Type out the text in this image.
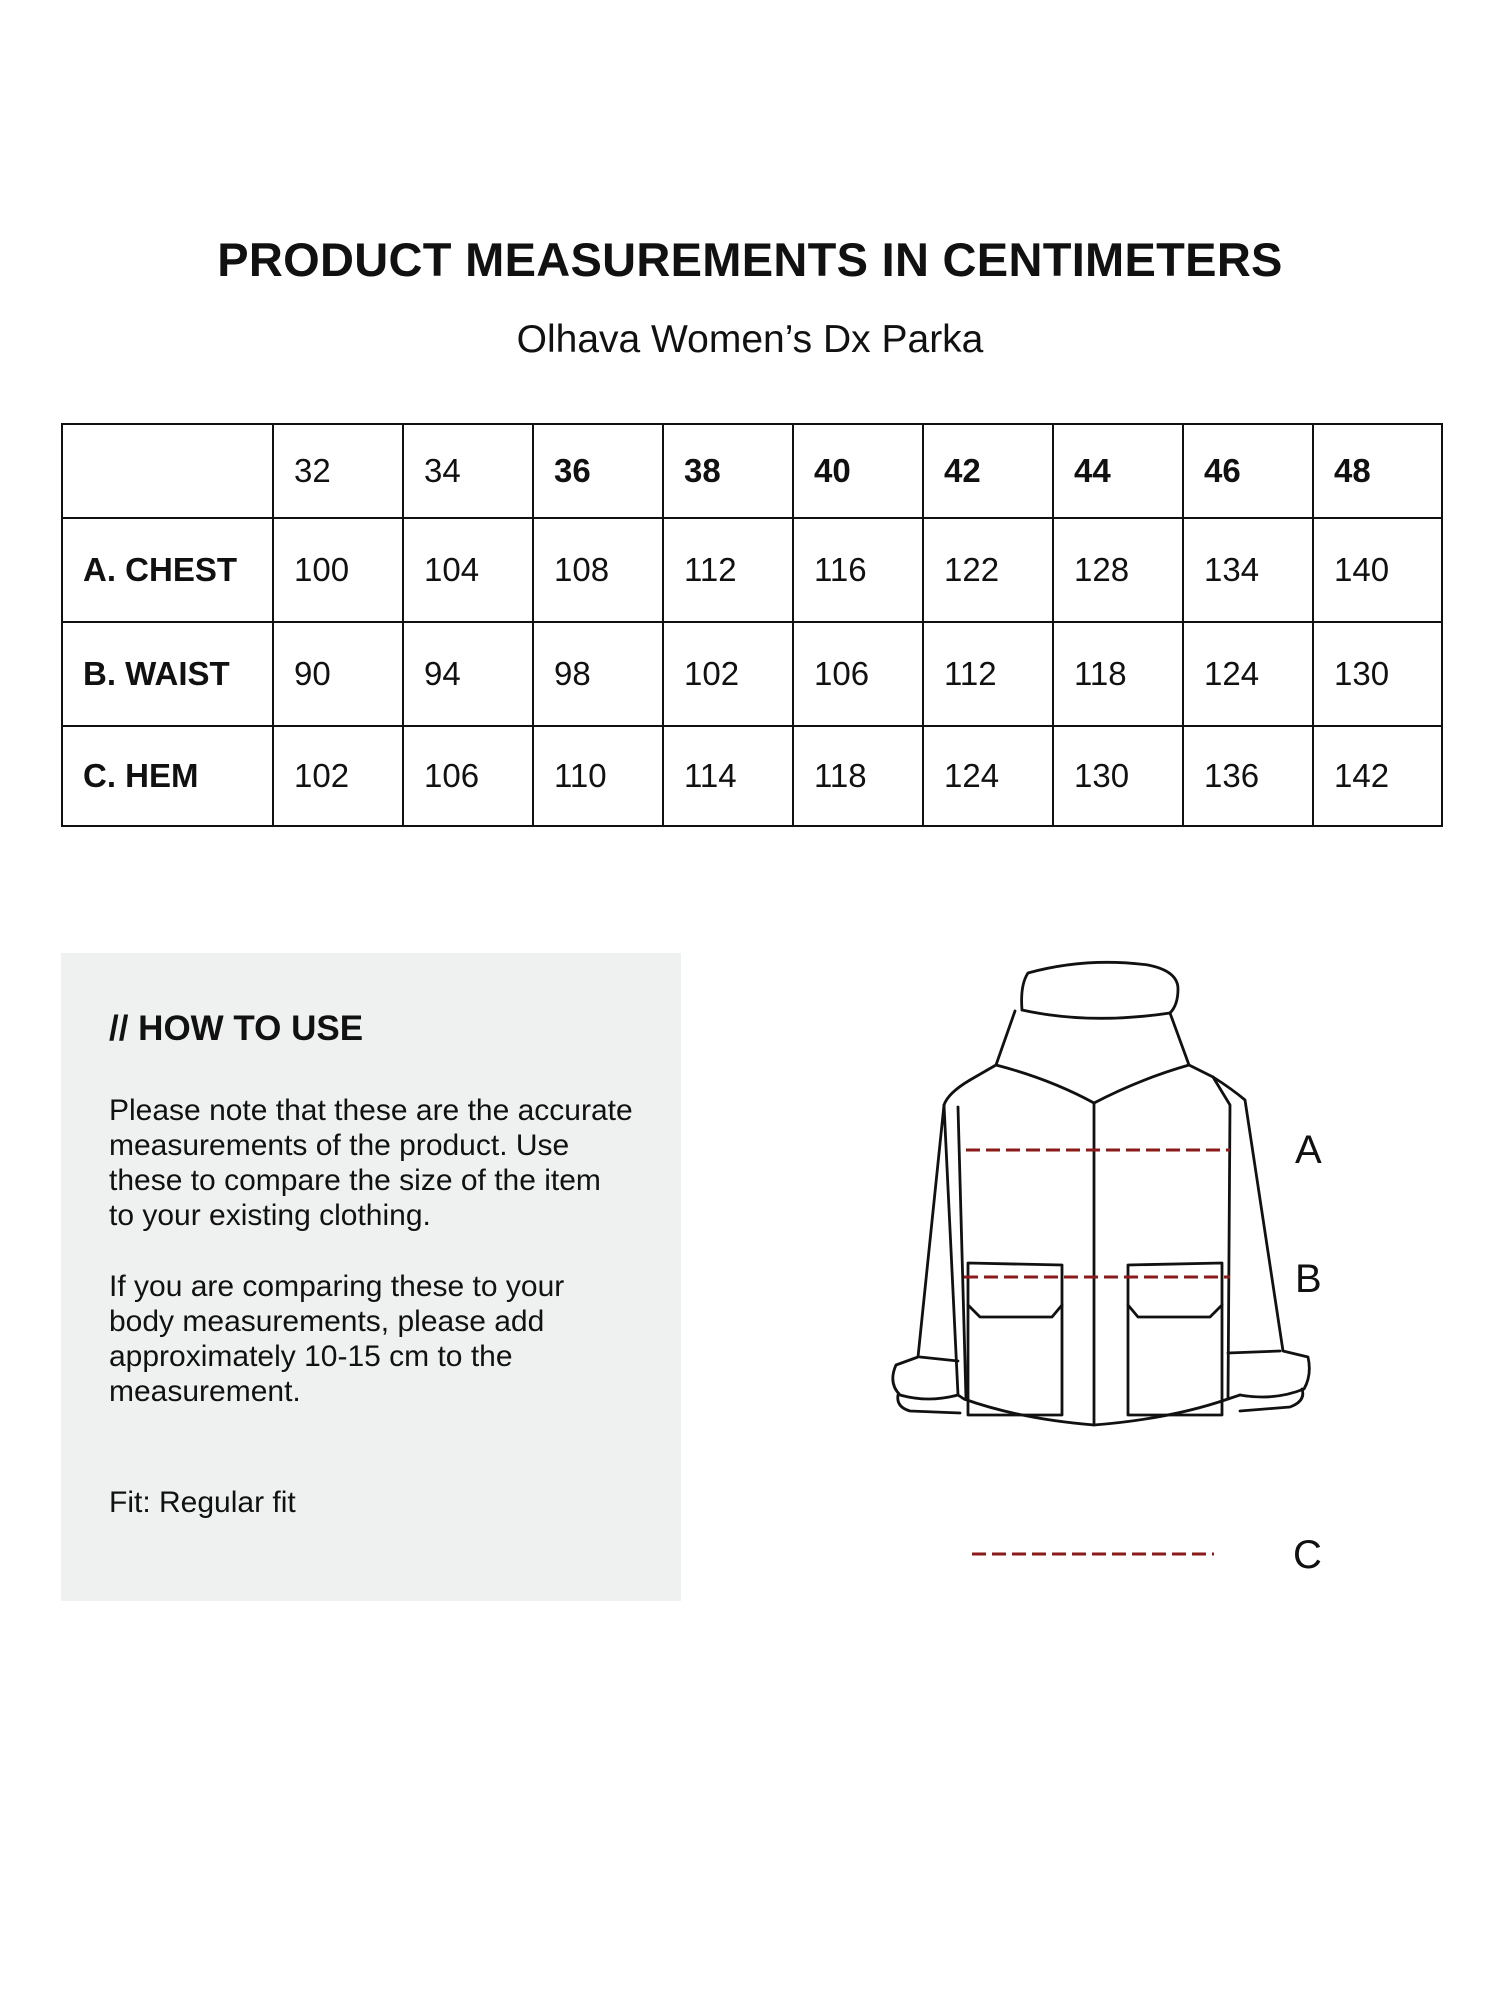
PRODUCT MEASUREMENTS IN CENTIMETERS
Olhava Women’s Dx Parka
	32	34	36	38	40	42	44	46	48
A. CHEST	100	104	108	112	116	122	128	134	140
B. WAIST	90	94	98	102	106	112	118	124	130
C. HEM	102	106	110	114	118	124	130	136	142
// HOW TO USE

Please note that these are the accurate measurements of the product. Use these to compare the size of the item to your existing clothing.

If you are comparing these to your body measurements, please add approximately 10-15 cm to the measurement.

Fit: Regular fit
A
B
C
